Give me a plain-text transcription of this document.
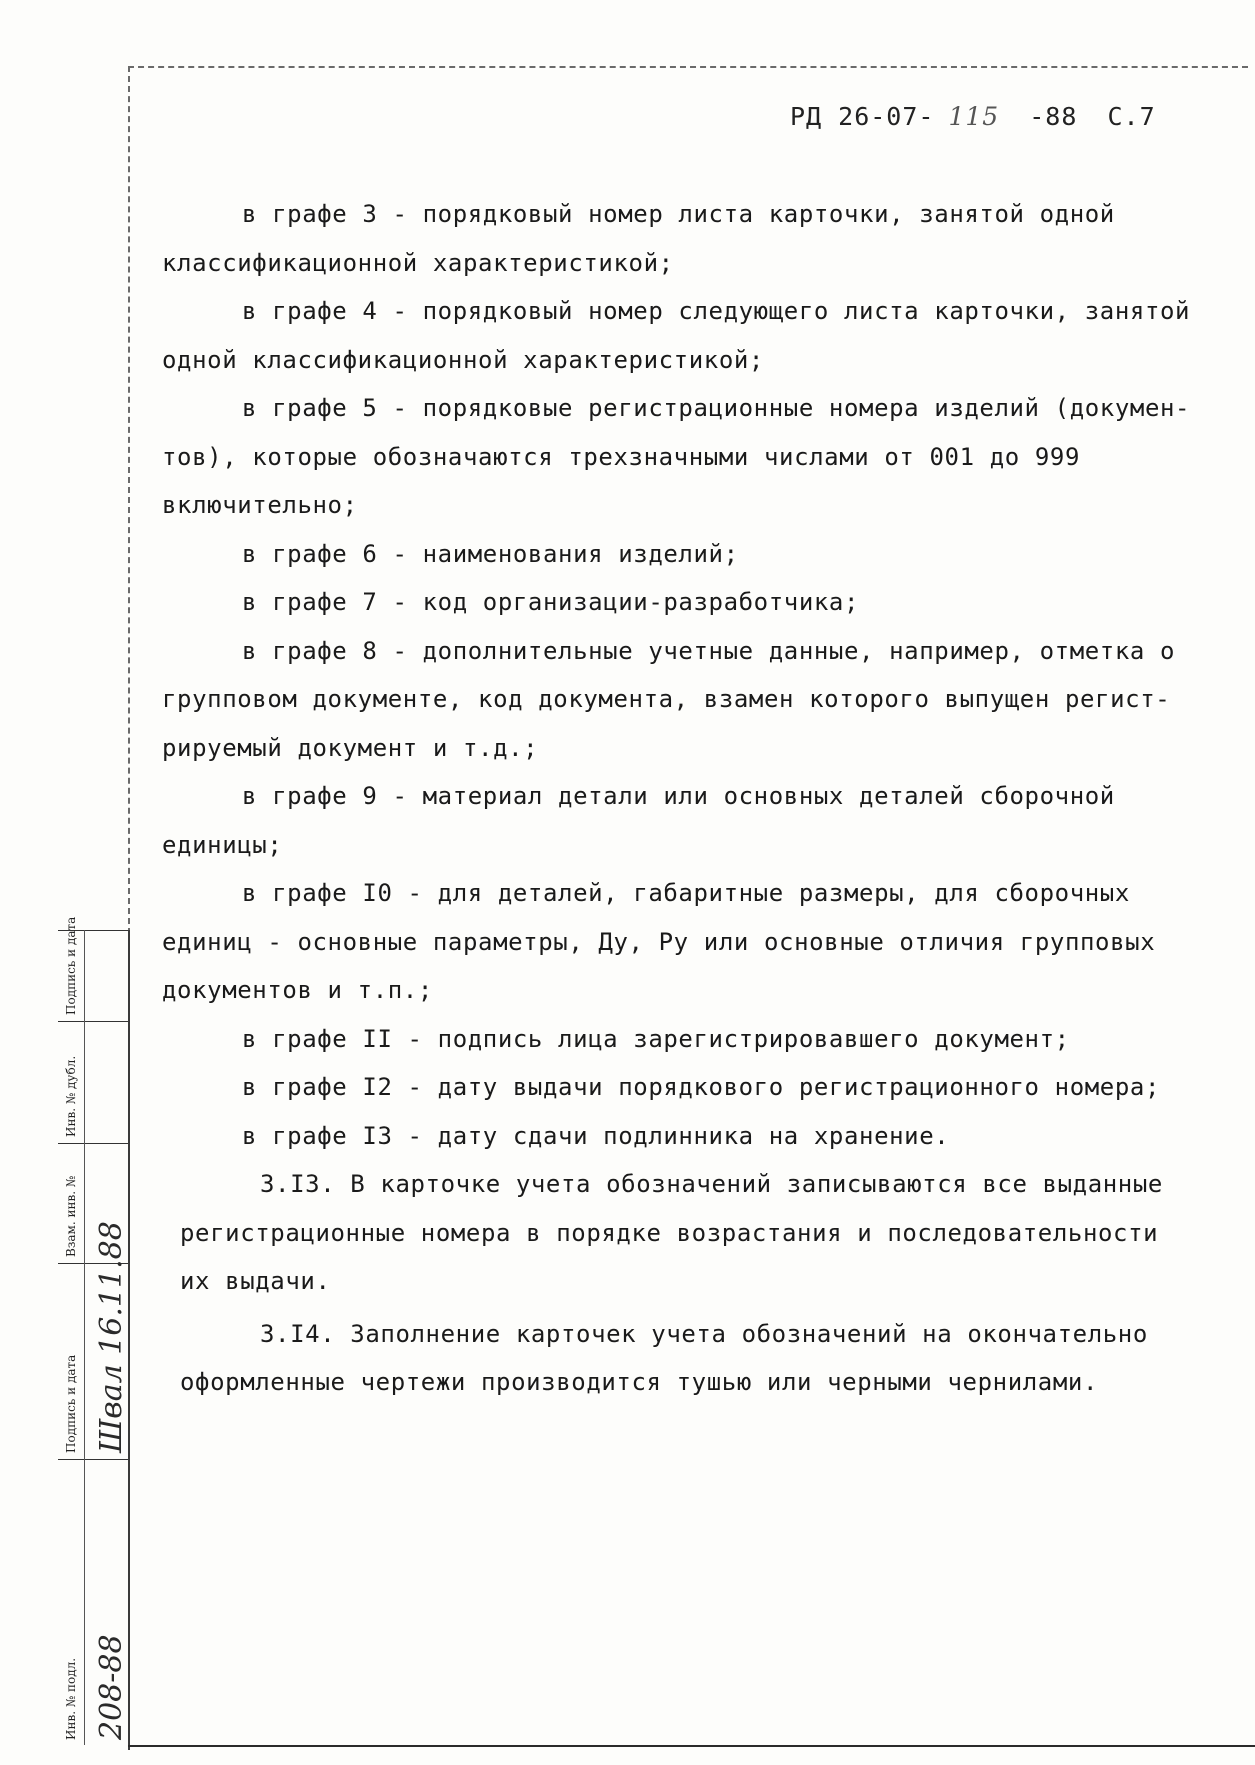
РД 26-07- 115 -88 С.7

в графе 3 - порядковый номер листа карточки, занятой одной

классификационной характеристикой;

в графе 4 - порядковый номер следующего листа карточки, занятой

одной классификационной характеристикой;

в графе 5 - порядковые регистрационные номера изделий (докумен-

тов), которые обозначаются трехзначными числами от 001 до 999

включительно;

в графе 6 - наименования изделий;

в графе 7 - код организации-разработчика;

в графе 8 - дополнительные учетные данные, например, отметка о

групповом документе, код документа, взамен которого выпущен регист-

рируемый документ и т.д.;

в графе 9 - материал детали или основных деталей сборочной

единицы;

в графе I0 - для деталей, габаритные размеры, для сборочных

единиц - основные параметры, Ду, Ру или основные отличия групповых

документов и т.п.;

в графе II - подпись лица зарегистрировавшего документ;

в графе I2 - дату выдачи порядкового регистрационного номера;

в графе I3 - дату сдачи подлинника на хранение.

3.I3. В карточке учета обозначений записываются все выданные

регистрационные номера в порядке возрастания и последовательности

их выдачи.

3.I4. Заполнение карточек учета обозначений на окончательно

оформленные чертежи производится тушью или черными чернилами.

Подпись и дата
Инв. № дубл.
Взам. инв. №
Подпись и дата Швал 16.11.88
Инв. № подл. 208-88
